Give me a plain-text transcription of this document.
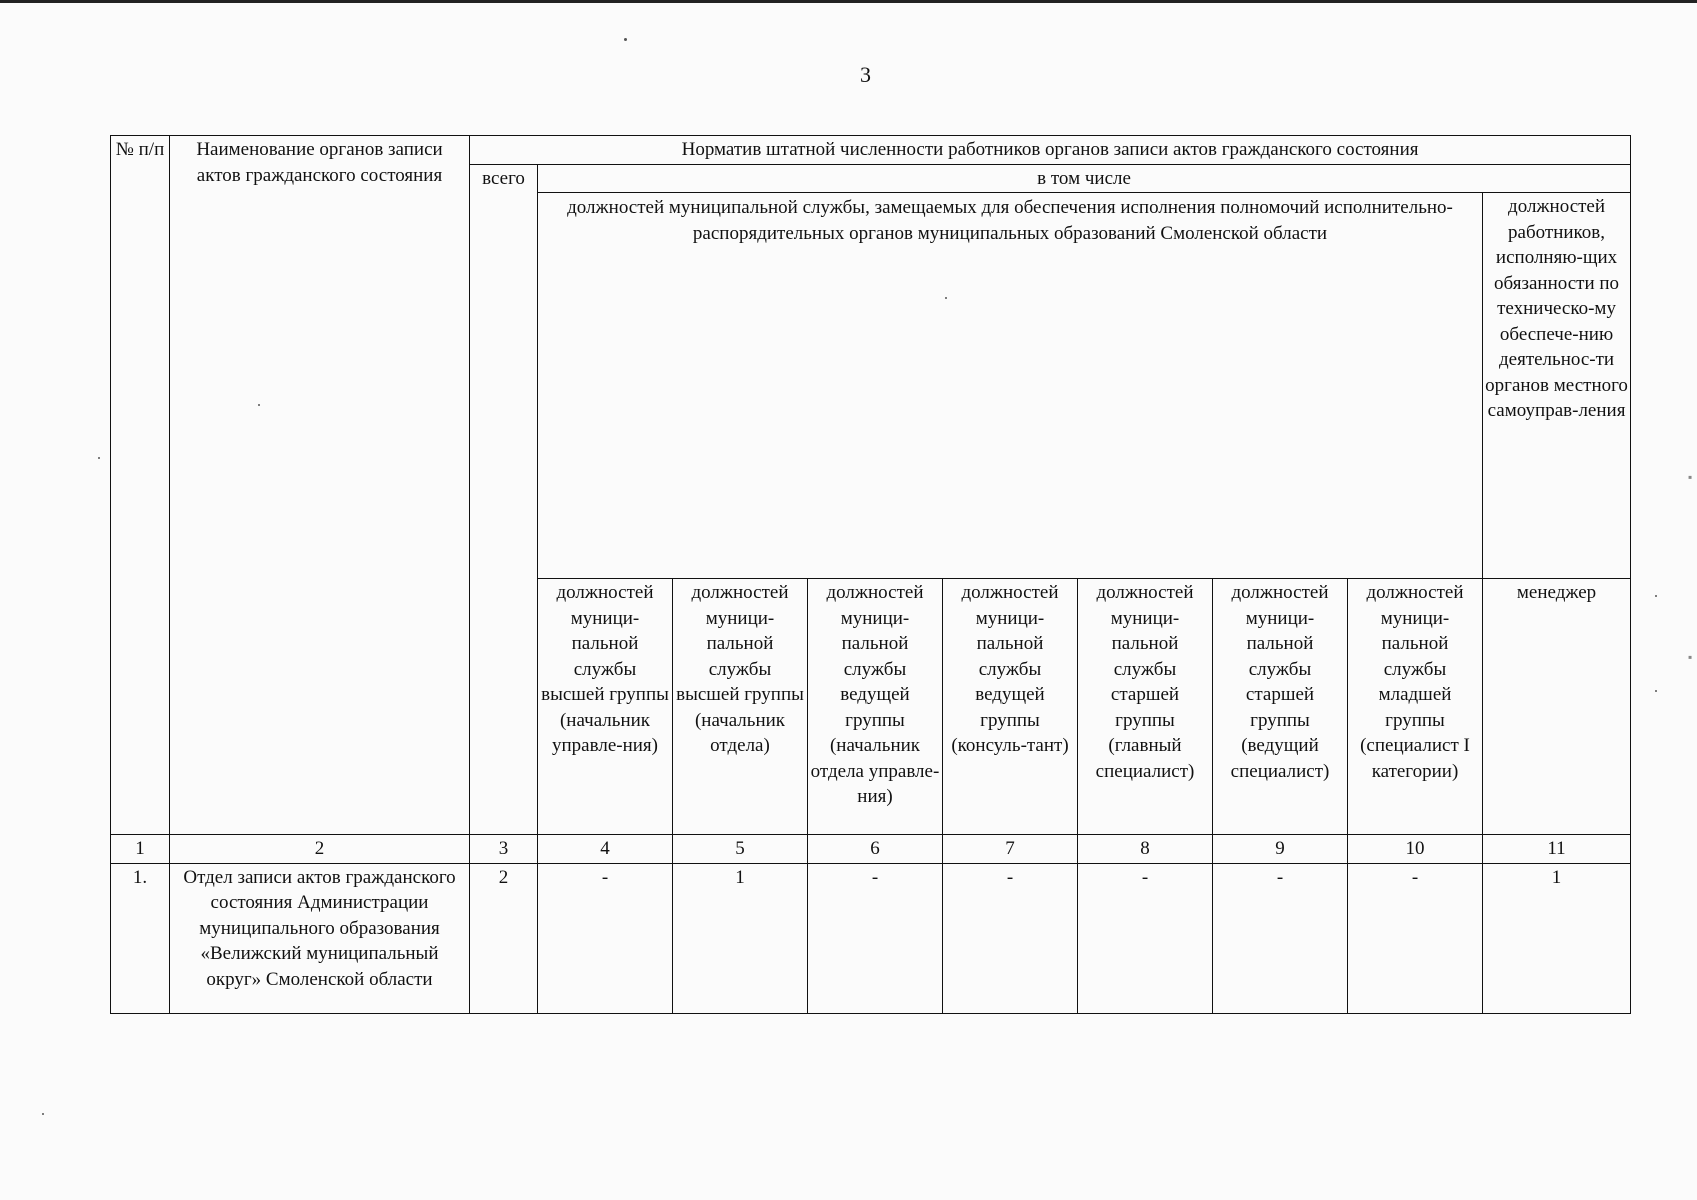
3
№ п/п	Наименование органов записи актов гражданского состояния	Норматив штатной численности работников органов записи актов гражданского состояния								
		всего	в том числе							
			должностей муниципальной службы, замещаемых для обеспечения исполнения полномочий исполнительно-распорядительных органов муниципальных образований Смоленской области							должностей работников, исполняю-щих обязанности по техническо-му обеспече-нию деятельнос-ти органов местного самоуправ-ления
			должностей муници-пальной службы высшей группы (начальник управле-ния)	должностей муници-пальной службы высшей группы (начальник отдела)	должностей муници-пальной службы ведущей группы (начальник отдела управле-ния)	должностей муници-пальной службы ведущей группы (консуль-тант)	должностей муници-пальной службы старшей группы (главный специалист)	должностей муници-пальной службы старшей группы (ведущий специалист)	должностей муници-пальной службы младшей группы (специалист I категории)	менеджер
1	2	3	4	5	6	7	8	9	10	11
1.	Отдел записи актов гражданского состояния Администрации муниципального образования «Велижский муниципальный округ» Смоленской области	2	-	1	-	-	-	-	-	1
▪
▪
